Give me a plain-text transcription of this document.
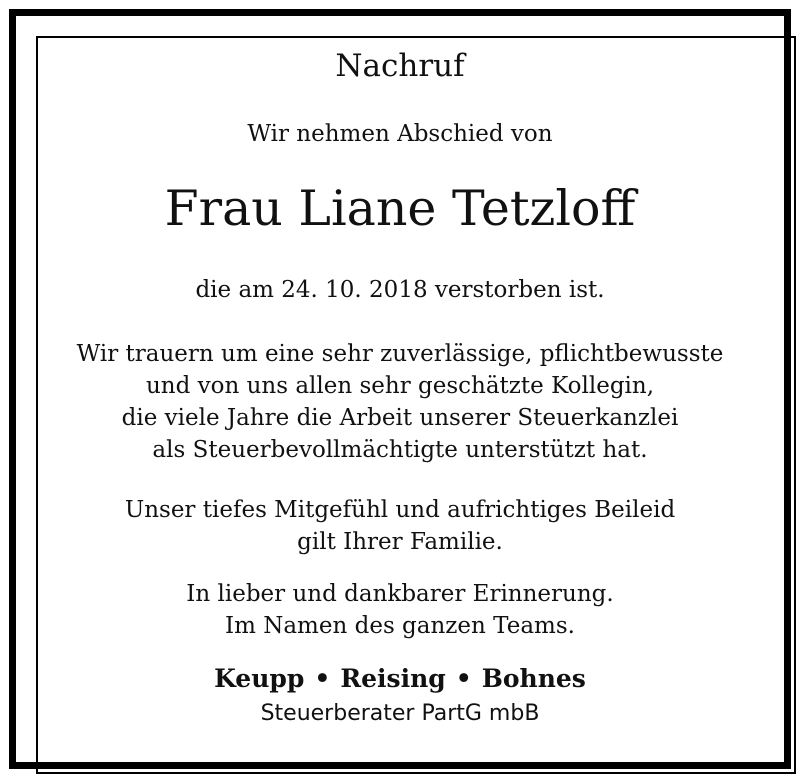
Nachruf

Wir nehmen Abschied von

Frau Liane Tetzloff

die am 24. 10. 2018 verstorben ist.

Wir trauern um eine sehr zuverlässige, pflichtbewusste

und von uns allen sehr geschätzte Kollegin,

die viele Jahre die Arbeit unserer Steuerkanzlei

als Steuerbevollmächtigte unterstützt hat.

Unser tiefes Mitgefühl und aufrichtiges Beileid

gilt Ihrer Familie.

In lieber und dankbarer Erinnerung.

Im Namen des ganzen Teams.

Keupp • Reising • Bohnes

Steuerberater PartG mbB
